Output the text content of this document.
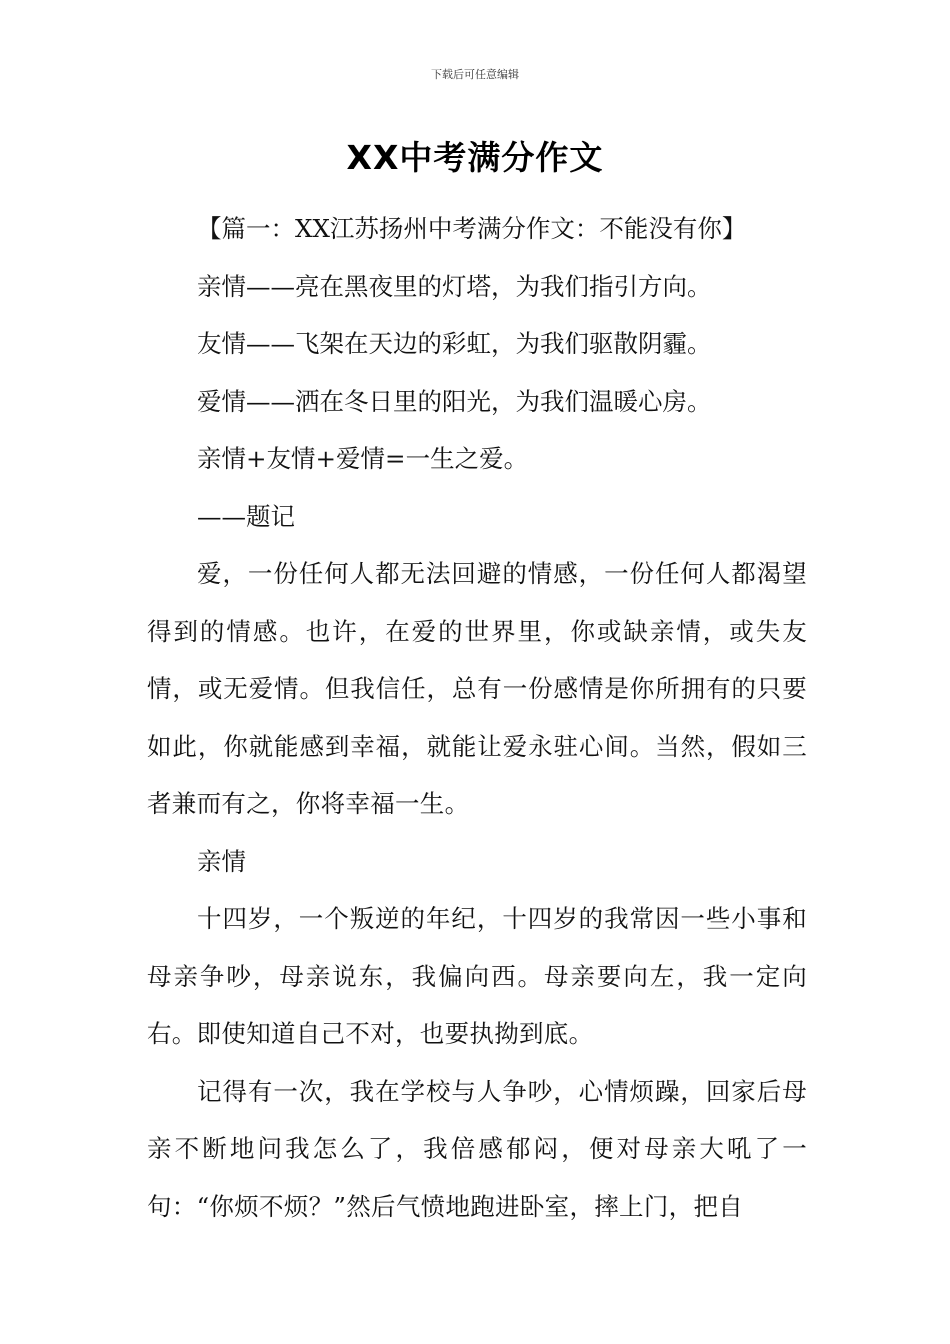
下载后可任意编辑
XX中考满分作文
【篇一：XX江苏扬州中考满分作文：不能没有你】
亲情——亮在黑夜里的灯塔，为我们指引方向。
友情——飞架在天边的彩虹，为我们驱散阴霾。
爱情——洒在冬日里的阳光，为我们温暖心房。
亲情+友情+爱情=一生之爱。
——题记
爱，一份任何人都无法回避的情感，一份任何人都渴望得到的情感。也许，在爱的世界里，你或缺亲情，或失友情，或无爱情。但我信任，总有一份感情是你所拥有的只要如此，你就能感到幸福，就能让爱永驻心间。当然，假如三者兼而有之，你将幸福一生。
亲情
十四岁，一个叛逆的年纪，十四岁的我常因一些小事和母亲争吵，母亲说东，我偏向西。母亲要向左，我一定向右。即使知道自己不对，也要执拗到底。
记得有一次，我在学校与人争吵，心情烦躁，回家后母亲不断地问我怎么了，我倍感郁闷，便对母亲大吼了一句：“你烦不烦？”然后气愤地跑进卧室，摔上门，把自
